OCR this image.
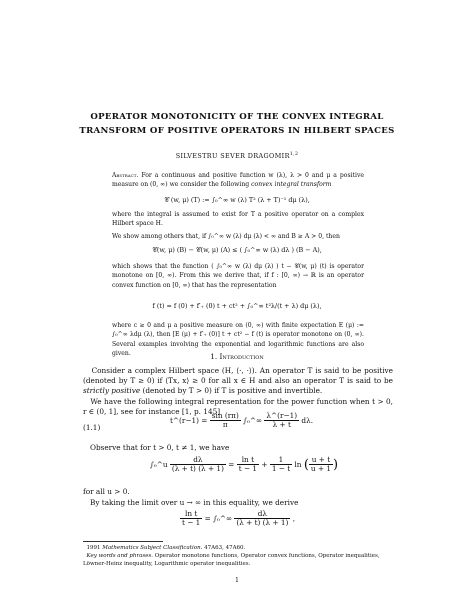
OPERATOR MONOTONICITY OF THE CONVEX INTEGRAL
TRANSFORM OF POSITIVE OPERATORS IN HILBERT SPACES
SILVESTRU SEVER DRAGOMIR$^{1,2}$
Abstract. For a continuous and positive function w (λ), λ > 0 and μ a positive measure on (0, ∞) we consider the following convex integral transform
𝒞 (w, μ) (T) := ∫₀^∞ w (λ) T² (λ + T)⁻¹ dμ (λ),
where the integral is assumed to exist for T a positive operator on a complex Hilbert space H.
We show among others that, if ∫₀^∞ w (λ) dμ (λ) < ∞ and B ≥ A > 0, then
𝒞(w, μ) (B) − 𝒞(w, μ) (A) ≤ ( ∫₀^∞ w (λ) dλ ) (B − A),
which shows that the function ( ∫₀^∞ w (λ) dμ (λ) ) t − 𝒞(w, μ) (t) is operator monotone on [0, ∞). From this we derive that, if f : [0, ∞) → ℝ is an operator convex function on [0, ∞) that has the representation
f (t) = f (0) + f′₊ (0) t + ct² + ∫₀^∞ t²λ/(t + λ) dμ (λ),
where c ≥ 0 and μ a positive measure on (0, ∞) with finite expectation E (μ) := ∫₀^∞ λdμ (λ), then [E (μ) + f′₊ (0)] t + ct² − f (t) is operator monotone on (0, ∞). Several examples involving the exponential and logarithmic functions are also given.	1. Introduction
Consider a complex Hilbert space (H, ⟨·, ·⟩). An operator T is said to be positive (denoted by T ≥ 0) if ⟨Tx, x⟩ ≥ 0 for all x ∈ H and also an operator T is said to be strictly positive (denoted by T > 0) if T is positive and invertible.
We have the following integral representation for the power function when t > 0, r ∈ (0, 1], see for instance [1, p. 145]
(1.1)
t^(r−1) = $\frac{\sin (r\pi)}{\pi}$ ∫₀^∞ $\frac{\lambda\^{}(r-1)}{\lambda + t} d\lambda$.
Observe that for t > 0, t ≠ 1, we have
∫₀^u $\frac{d\lambda}{(\lambda + t) (\lambda + 1)} = \frac{\text{ln t}}{t - 1} + \frac{1}{1 - t}$ ln ( $\frac{u + t}{u + 1}$ )
for all u > 0.
By taking the limit over u → ∞ in this equality, we derive
$\frac{\text{ln t}}{t - 1}$ = ∫₀^∞ $\frac{d\lambda}{(\lambda + t) (\lambda + 1)}$ ,
1991 Mathematics Subject Classification. 47A63, 47A60.
Key words and phrases. Operator monotone functions, Operator convex functions, Operator inequalities, Löwner-Heinz inequality, Logarithmic operator inequalities.
1
